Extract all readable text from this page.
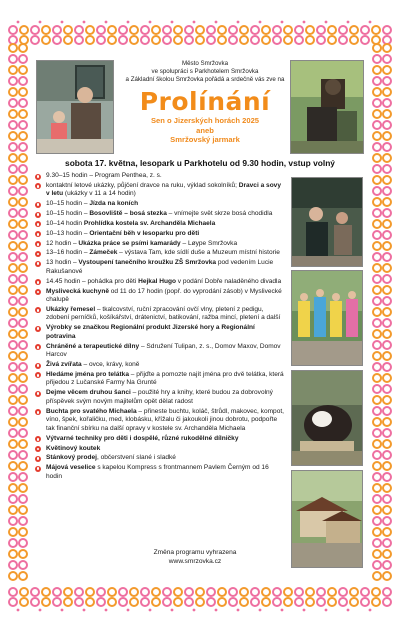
Město Smržovka
ve spolupráci s Parkhotelem Smržovka
a Základní školou Smržovka pořádá a srdečně vás zve na
Prolínání
Sen o Jizerských horách 2025
aneb
Smržovský jarmark
sobota 17. května, lesopark u Parkhotelu od 9.30 hodin, vstup volný
9.30–15 hodin – Program Penthea, z. s.
kontaktní letové ukázky, půjčení dravce na ruku, výklad sokolníků; Dravci a sovy v letu (ukázky v 11 a 14 hodin)
10–15 hodin – Jízda na koních
10–15 hodin – Bosovliště – bosá stezka – vnímejte svět skrze bosá chodidla
10–14 hodin Prohlídka kostela sv. Archanděla Michaela
10–13 hodin – Orientační běh v lesoparku pro děti
12 hodin – Ukázka práce se psími kamarády – Løype Smržovka
13–16 hodin – Zámeček – výstava Tam, kde sídlí duše a Muzeum místní historie
13 hodin – Vystoupení tanečního kroužku ZŠ Smržovka pod vedením Lucie Rakušanové
14.45 hodin – pohádka pro děti Hejkal Hugo v podání Dobře naladěného divadla
Myslivecká kuchyně od 11 do 17 hodin (popř. do vyprodání zásob) v Myslivecké chalupě
Ukázky řemesel – tkalcovství, ruční zpracování ovčí vlny, pletení z pedigu, zdobení perníčků, košíkářství, drátenictví, batikování, ražba mincí, pletení a další
Výrobky se značkou Regionální produkt Jizerské hory a Regionální potravina
Chráněné a terapeutické dílny – Sdružení Tulipan, z. s., Domov Maxov, Domov Harcov
Živá zvířata – ovce, krávy, koně
Hledáme jména pro telátka – přijďte a pomozte najít jména pro dvě telátka, která přijedou z Lučanské Farmy Na Grunté
Dejme věcem druhou šanci – použité hry a knihy, které budou za dobrovolný příspěvek svým novým majitelům opět dělat radost
Buchta pro svatého Michaela – přineste buchtu, koláč, štrůdl, makovec, kompot, víno, špek, kořaličku, med, klobásku, křížalu či jakoukoli jinou dobrotu, podpořte tak finanční sbírku na další opravy v kostele sv. Archanděla Michaela
Výtvarné techniky pro děti i dospělé, různé rukodělné dílničky
Květinový koutek
Stánkový prodej, občerstvení slané i sladké
Májová veselice s kapelou Kompress s frontmannem Pavlem Černým od 16 hodin
Změna programu vyhrazena
www.smrzovka.cz
